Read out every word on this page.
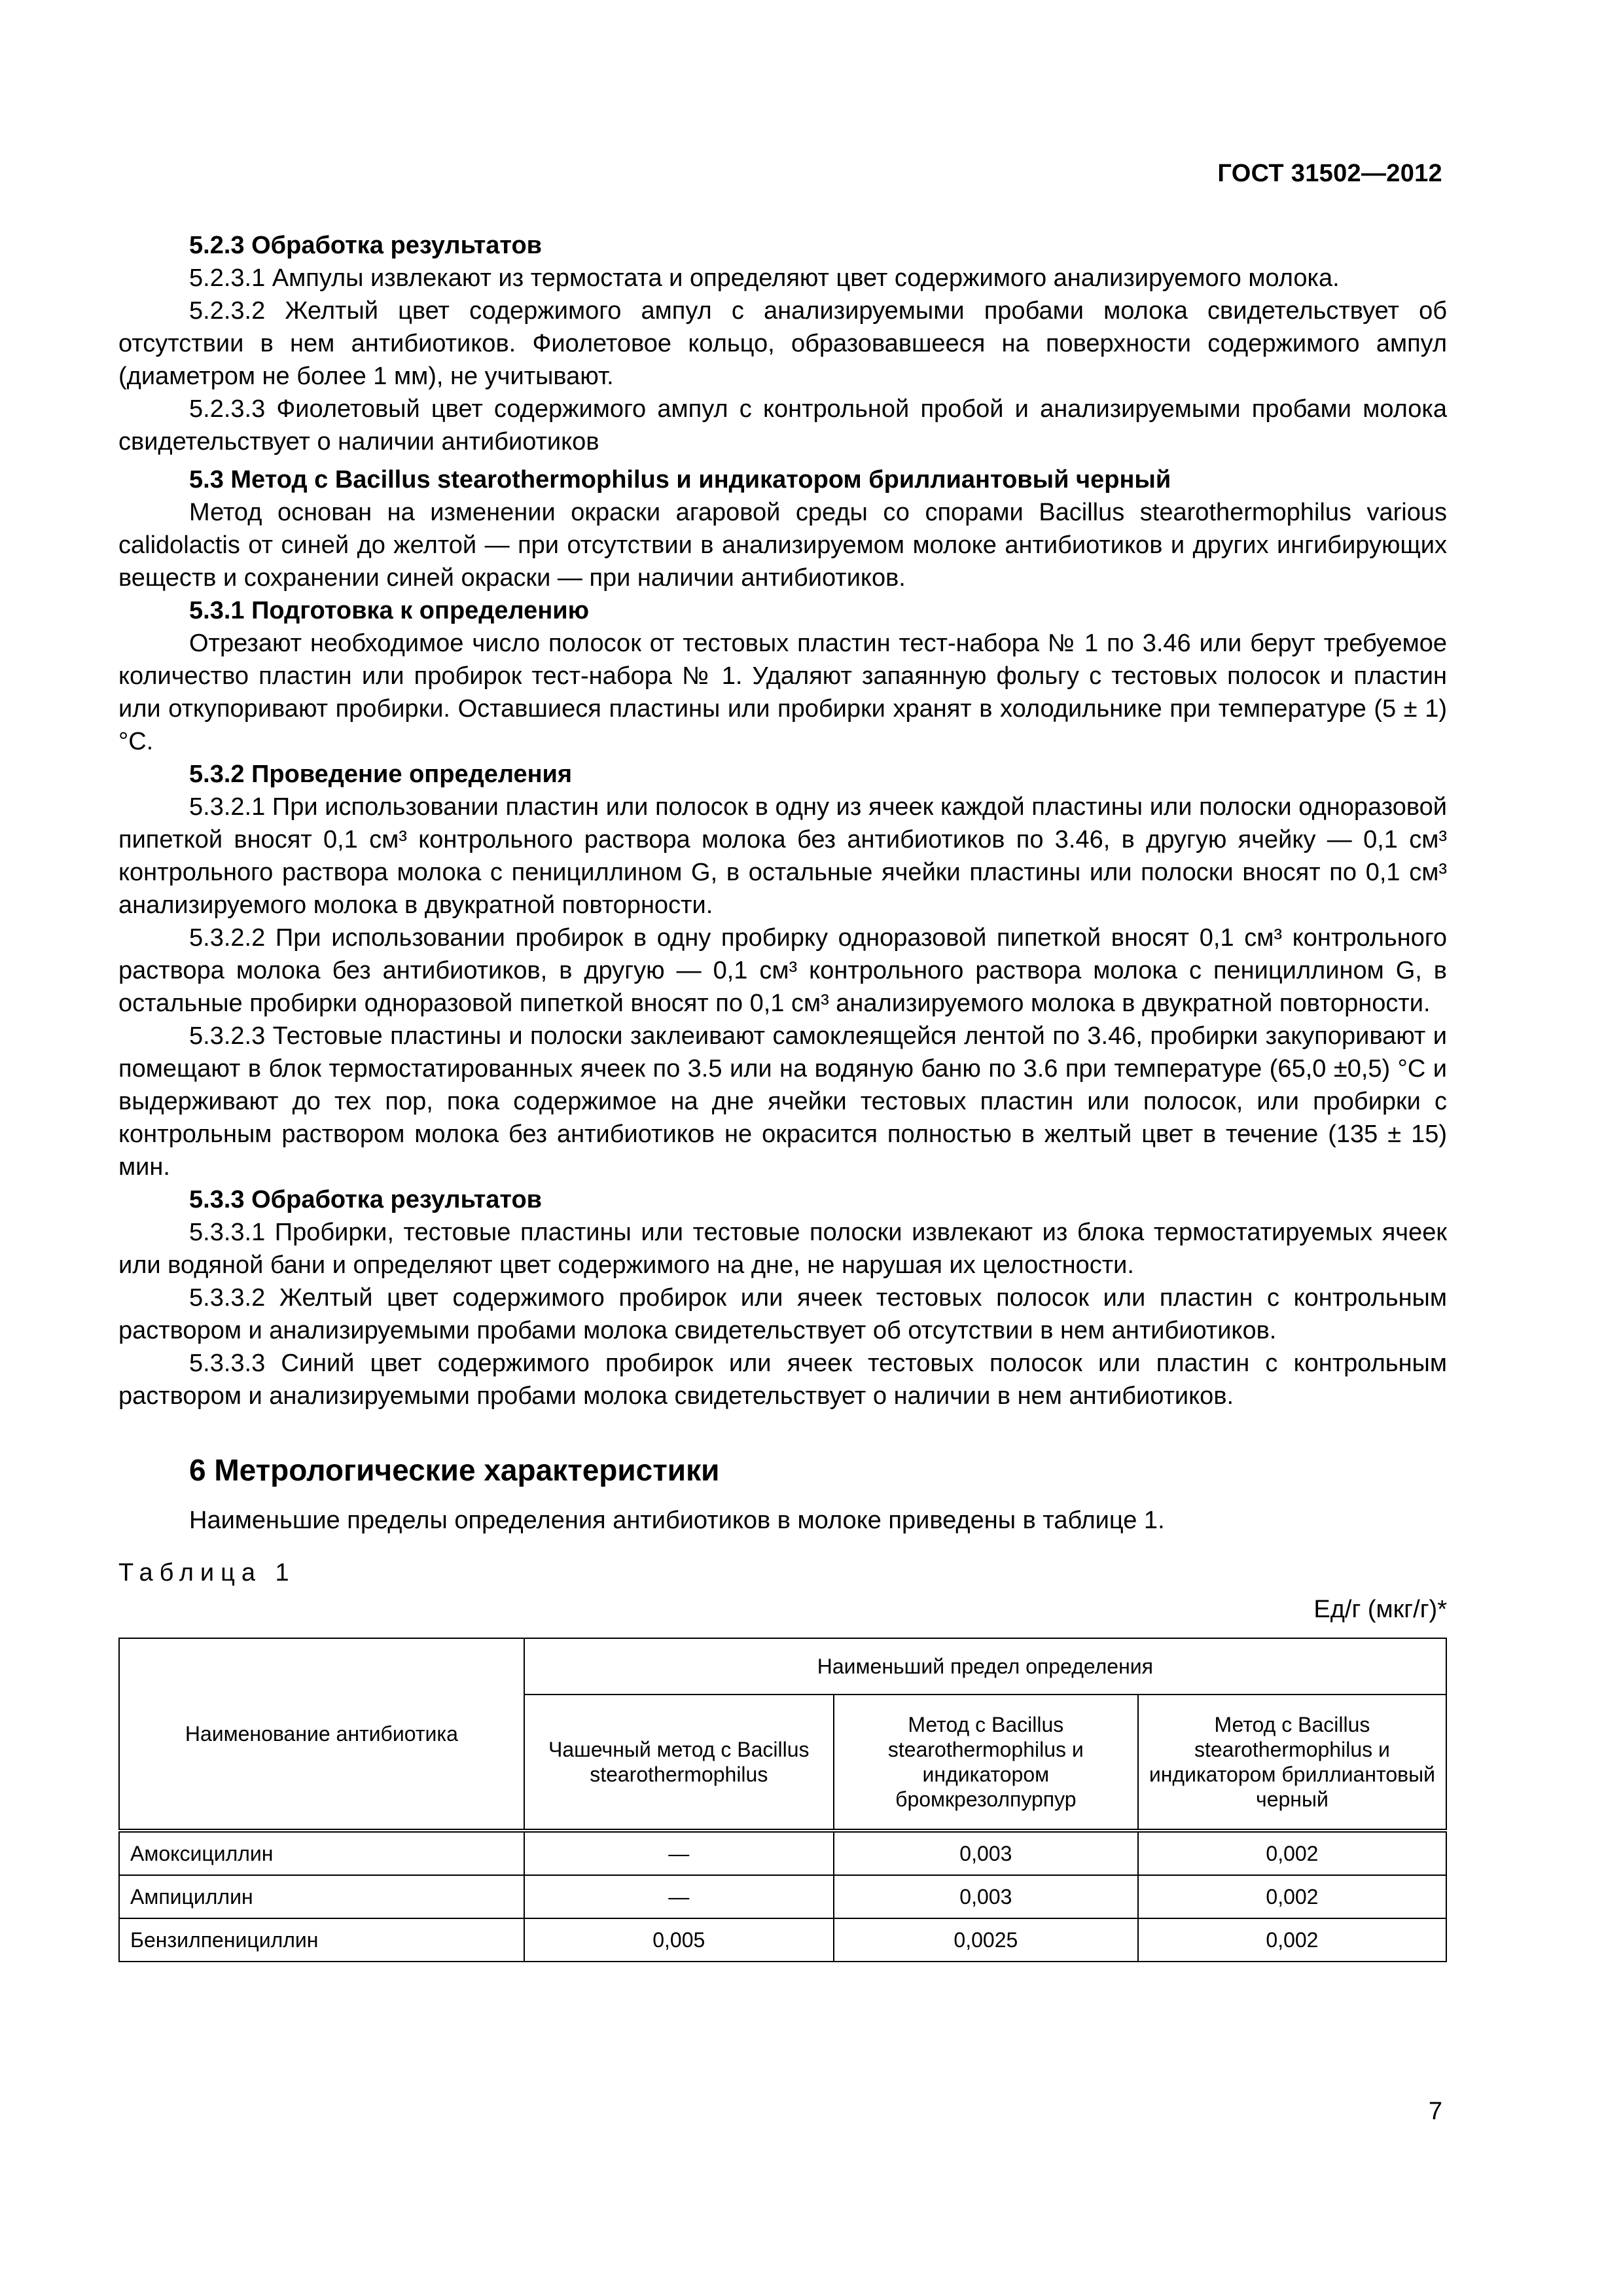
ГОСТ 31502—2012

5.2.3 Обработка результатов

5.2.3.1 Ампулы извлекают из термостата и определяют цвет содержимого анализируемого молока.

5.2.3.2 Желтый цвет содержимого ампул с анализируемыми пробами молока свидетельствует об отсутствии в нем антибиотиков. Фиолетовое кольцо, образовавшееся на поверхности содержимого ампул (диаметром не более 1 мм), не учитывают.

5.2.3.3 Фиолетовый цвет содержимого ампул с контрольной пробой и анализируемыми пробами молока свидетельствует о наличии антибиотиков

5.3 Метод с Bacillus stearothermophilus и индикатором бриллиантовый черный

Метод основан на изменении окраски агаровой среды со спорами Bacillus stearothermophilus various calidolactis от синей до желтой — при отсутствии в анализируемом молоке антибиотиков и других ингибирующих веществ и сохранении синей окраски — при наличии антибиотиков.

5.3.1 Подготовка к определению

Отрезают необходимое число полосок от тестовых пластин тест-набора № 1 по 3.46 или берут требуемое количество пластин или пробирок тест-набора № 1. Удаляют запаянную фольгу с тестовых полосок и пластин или откупоривают пробирки. Оставшиеся пластины или пробирки хранят в холодильнике при температуре (5 ± 1) °С.

5.3.2 Проведение определения

5.3.2.1 При использовании пластин или полосок в одну из ячеек каждой пластины или полоски одноразовой пипеткой вносят 0,1 см³ контрольного раствора молока без антибиотиков по 3.46, в другую ячейку — 0,1 см³ контрольного раствора молока с пенициллином G, в остальные ячейки пластины или полоски вносят по 0,1 см³ анализируемого молока в двукратной повторности.

5.3.2.2 При использовании пробирок в одну пробирку одноразовой пипеткой вносят 0,1 см³ контрольного раствора молока без антибиотиков, в другую — 0,1 см³ контрольного раствора молока с пенициллином G, в остальные пробирки одноразовой пипеткой вносят по 0,1 см³ анализируемого молока в двукратной повторности.

5.3.2.3 Тестовые пластины и полоски заклеивают самоклеящейся лентой по 3.46, пробирки закупоривают и помещают в блок термостатированных ячеек по 3.5 или на водяную баню по 3.6 при температуре (65,0 ±0,5) °С и выдерживают до тех пор, пока содержимое на дне ячейки тестовых пластин или полосок, или пробирки с контрольным раствором молока без антибиотиков не окрасится полностью в желтый цвет в течение (135 ± 15) мин.

5.3.3 Обработка результатов

5.3.3.1 Пробирки, тестовые пластины или тестовые полоски извлекают из блока термостатируемых ячеек или водяной бани и определяют цвет содержимого на дне, не нарушая их целостности.

5.3.3.2 Желтый цвет содержимого пробирок или ячеек тестовых полосок или пластин с контрольным раствором и анализируемыми пробами молока свидетельствует об отсутствии в нем антибиотиков.

5.3.3.3 Синий цвет содержимого пробирок или ячеек тестовых полосок или пластин с контрольным раствором и анализируемыми пробами молока свидетельствует о наличии в нем антибиотиков.

6 Метрологические характеристики

Наименьшие пределы определения антибиотиков в молоке приведены в таблице 1.

Таблица 1
Ед/г (мкг/г)*
Наименование антибиотика	Наименьший предел определения		
	Чашечный метод с Bacillus stearothermophilus	Метод с Bacillus stearothermophilus и индикатором бромкрезолпурпур	Метод с Bacillus stearothermophilus и индикатором бриллиантовый черный
Амоксициллин	—	0,003	0,002
Ампициллин	—	0,003	0,002
Бензилпенициллин	0,005	0,0025	0,002
7
